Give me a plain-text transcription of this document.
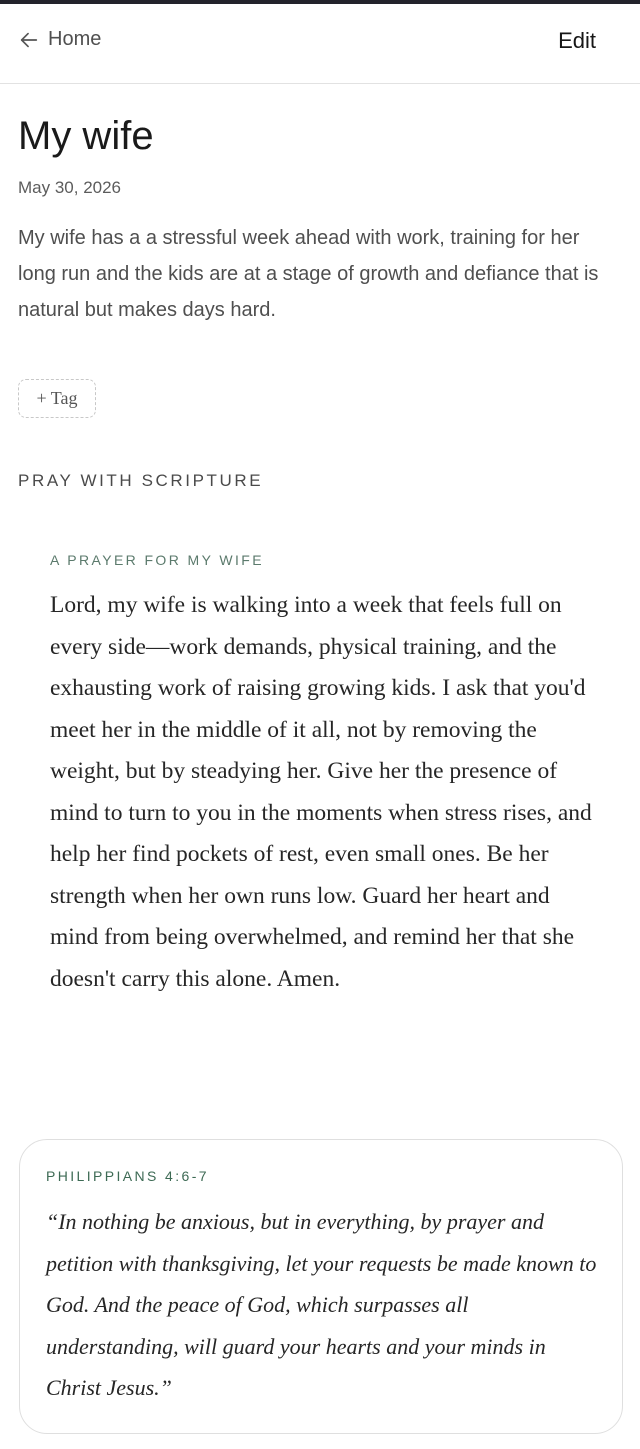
Home	Edit
My wife
May 30, 2026

My wife has a a stressful week ahead with work, training for her long run and the kids are at a stage of growth and defiance that is natural but makes days hard.

+ Tag
PRAY WITH SCRIPTURE
A PRAYER FOR MY WIFE

Lord, my wife is walking into a week that feels full on every side—work demands, physical training, and the exhausting work of raising growing kids. I ask that you'd meet her in the middle of it all, not by removing the weight, but by steadying her. Give her the presence of mind to turn to you in the moments when stress rises, and help her find pockets of rest, even small ones. Be her strength when her own runs low. Guard her heart and mind from being overwhelmed, and remind her that she doesn't carry this alone. Amen.

PHILIPPIANS 4:6-7

“In nothing be anxious, but in everything, by prayer and petition with thanksgiving, let your requests be made known to God. And the peace of God, which surpasses all understanding, will guard your hearts and your minds in Christ Jesus.”
